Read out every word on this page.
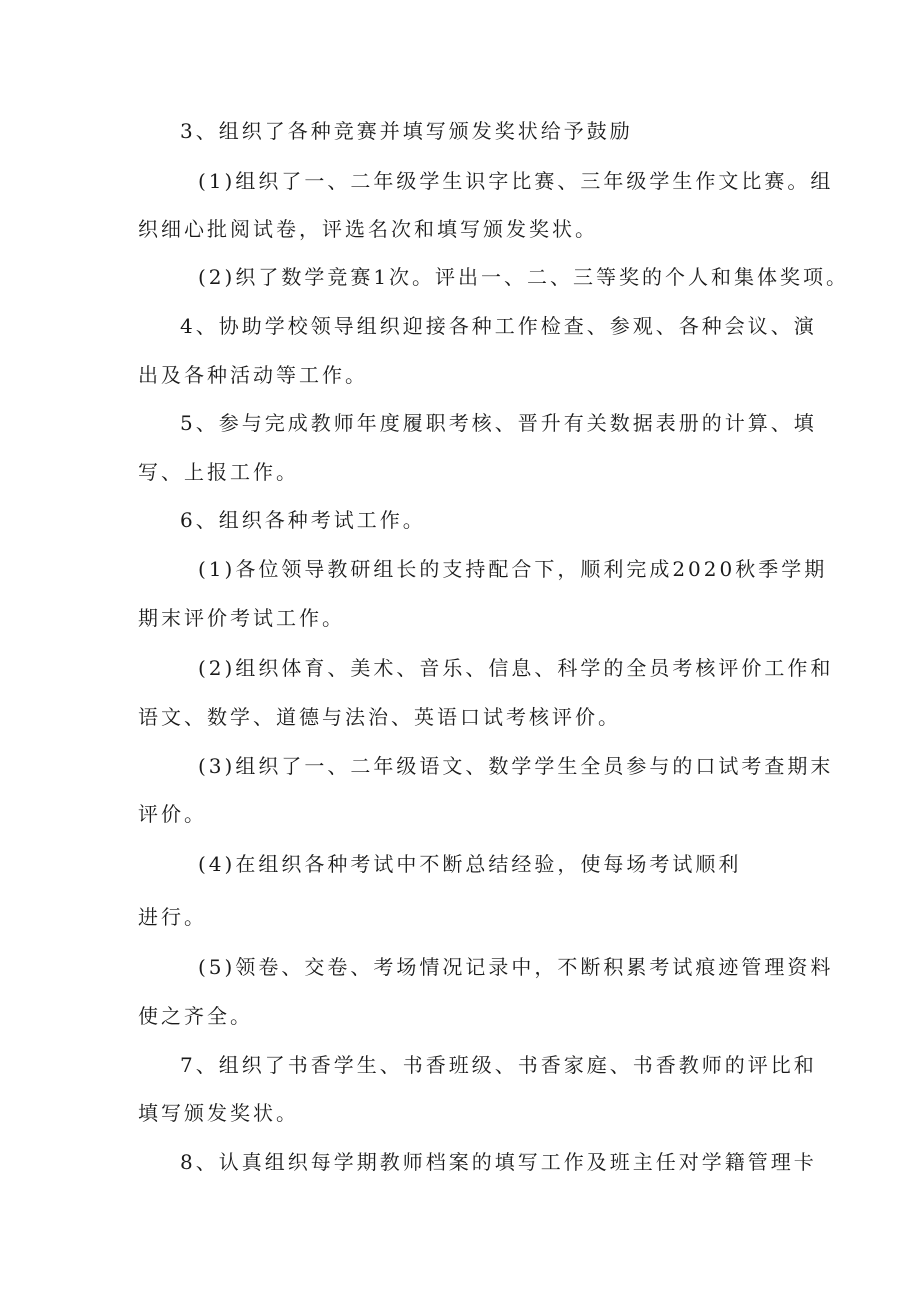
3、组织了各种竞赛并填写颁发奖状给予鼓励
(1)组织了一、二年级学生识字比赛、三年级学生作文比赛。组
织细心批阅试卷，评选名次和填写颁发奖状。
(2)织了数学竞赛1次。评出一、二、三等奖的个人和集体奖项。
4、协助学校领导组织迎接各种工作检查、参观、各种会议、演
出及各种活动等工作。
5、参与完成教师年度履职考核、晋升有关数据表册的计算、填
写、上报工作。
6、组织各种考试工作。
(1)各位领导教研组长的支持配合下，顺利完成2020秋季学期
期末评价考试工作。
(2)组织体育、美术、音乐、信息、科学的全员考核评价工作和
语文、数学、道德与法治、英语口试考核评价。
(3)组织了一、二年级语文、数学学生全员参与的口试考查期末
评价。
(4)在组织各种考试中不断总结经验，使每场考试顺利
进行。
(5)领卷、交卷、考场情况记录中，不断积累考试痕迹管理资料
使之齐全。
7、组织了书香学生、书香班级、书香家庭、书香教师的评比和
填写颁发奖状。
8、认真组织每学期教师档案的填写工作及班主任对学籍管理卡
